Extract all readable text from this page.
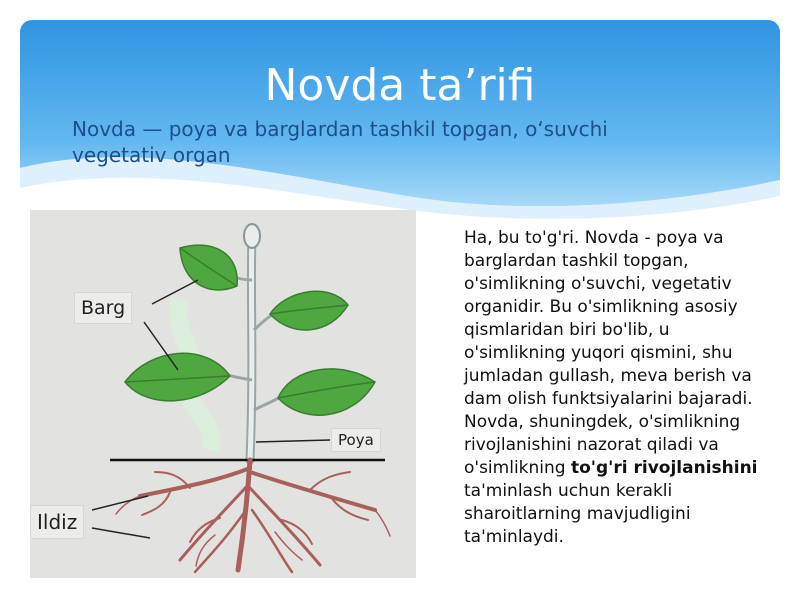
Novda ta’rifi
Novda — poya va barglardan tashkil topgan, o‘suvchi vegetativ organ
Barg
Poya
Ildiz
Ha, bu to'g'ri. Novda - poya va barglardan tashkil topgan, o'simlikning o'suvchi, vegetativ organidir. Bu o'simlikning asosiy qismlaridan biri bo'lib, u o'simlikning yuqori qismini, shu jumladan gullash, meva berish va dam olish funktsiyalarini bajaradi. Novda, shuningdek, o'simlikning rivojlanishini nazorat qiladi va o'simlikning to'g'ri rivojlanishini ta'minlash uchun kerakli sharoitlarning mavjudligini ta'minlaydi.
